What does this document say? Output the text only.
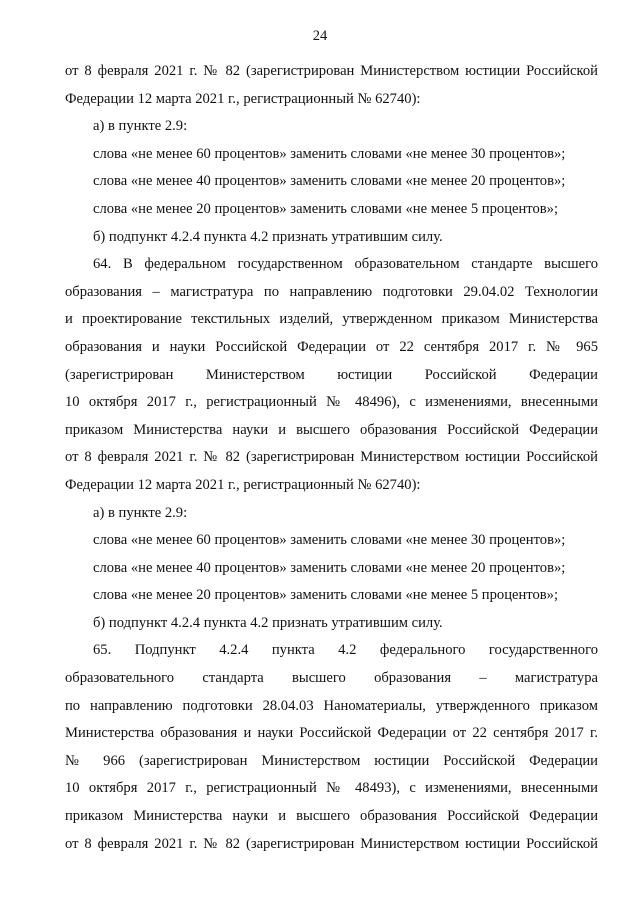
24
от 8 февраля 2021 г. № 82 (зарегистрирован Министерством юстиции Российской
Федерации 12 марта 2021 г., регистрационный № 62740):
а) в пункте 2.9:
слова «не менее 60 процентов» заменить словами «не менее 30 процентов»;
слова «не менее 40 процентов» заменить словами «не менее 20 процентов»;
слова «не менее 20 процентов» заменить словами «не менее 5 процентов»;
б) подпункт 4.2.4 пункта 4.2 признать утратившим силу.
64. В федеральном государственном образовательном стандарте высшего
образования – магистратура по направлению подготовки 29.04.02 Технологии
и проектирование текстильных изделий, утвержденном приказом Министерства
образования и науки Российской Федерации от 22 сентября 2017 г. № 965
(зарегистрирован Министерством юстиции Российской Федерации
10 октября 2017 г., регистрационный № 48496), с изменениями, внесенными
приказом Министерства науки и высшего образования Российской Федерации
от 8 февраля 2021 г. № 82 (зарегистрирован Министерством юстиции Российской
Федерации 12 марта 2021 г., регистрационный № 62740):
а) в пункте 2.9:
слова «не менее 60 процентов» заменить словами «не менее 30 процентов»;
слова «не менее 40 процентов» заменить словами «не менее 20 процентов»;
слова «не менее 20 процентов» заменить словами «не менее 5 процентов»;
б) подпункт 4.2.4 пункта 4.2 признать утратившим силу.
65. Подпункт 4.2.4 пункта 4.2 федерального государственного
образовательного стандарта высшего образования – магистратура
по направлению подготовки 28.04.03 Наноматериалы, утвержденного приказом
Министерства образования и науки Российской Федерации от 22 сентября 2017 г.
№ 966 (зарегистрирован Министерством юстиции Российской Федерации
10 октября 2017 г., регистрационный № 48493), с изменениями, внесенными
приказом Министерства науки и высшего образования Российской Федерации
от 8 февраля 2021 г. № 82 (зарегистрирован Министерством юстиции Российской
